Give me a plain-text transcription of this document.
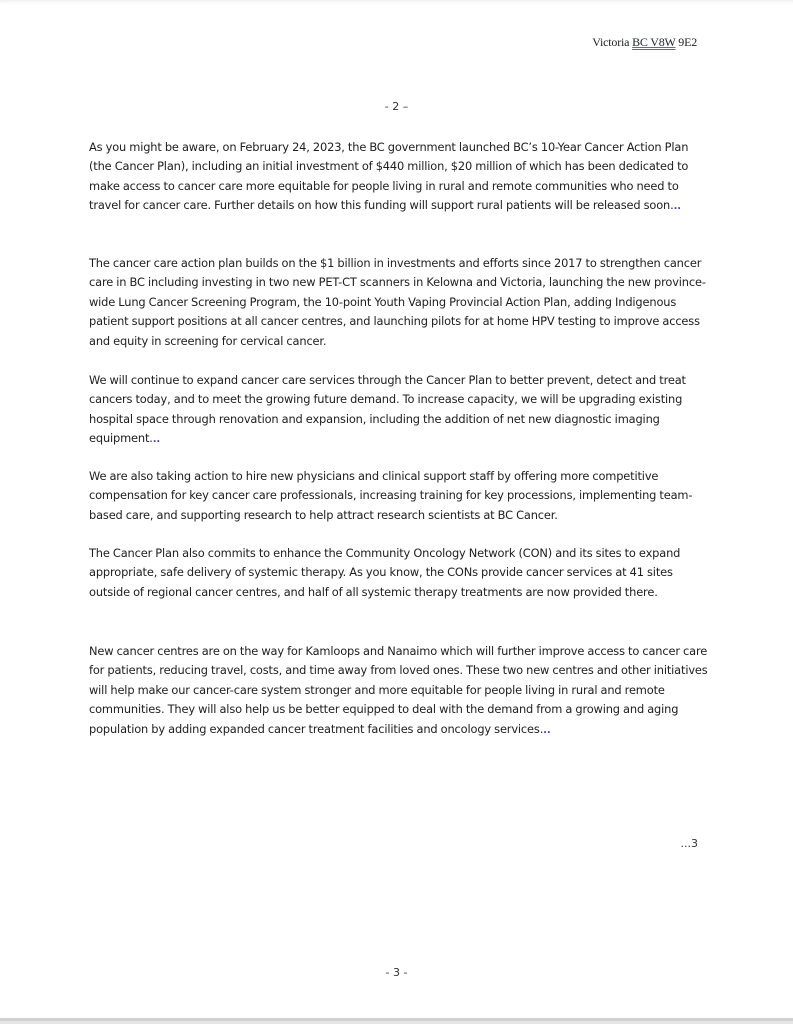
Victoria BC V8W 9E2
- 2 –
As you might be aware, on February 24, 2023, the BC government launched BC’s 10-Year Cancer Action Plan (the Cancer Plan), including an initial investment of $440 million, $20 million of which has been dedicated to make access to cancer care more equitable for people living in rural and remote communities who need to travel for cancer care. Further details on how this funding will support rural patients will be released soon...
The cancer care action plan builds on the $1 billion in investments and efforts since 2017 to strengthen cancer care in BC including investing in two new PET-CT scanners in Kelowna and Victoria, launching the new province-wide Lung Cancer Screening Program, the 10-point Youth Vaping Provincial Action Plan, adding Indigenous patient support positions at all cancer centres, and launching pilots for at home HPV testing to improve access and equity in screening for cervical cancer.
We will continue to expand cancer care services through the Cancer Plan to better prevent, detect and treat cancers today, and to meet the growing future demand. To increase capacity, we will be upgrading existing hospital space through renovation and expansion, including the addition of net new diagnostic imaging equipment...
We are also taking action to hire new physicians and clinical support staff by offering more competitive compensation for key cancer care professionals, increasing training for key processions, implementing team-based care, and supporting research to help attract research scientists at BC Cancer.
The Cancer Plan also commits to enhance the Community Oncology Network (CON) and its sites to expand appropriate, safe delivery of systemic therapy. As you know, the CONs provide cancer services at 41 sites outside of regional cancer centres, and half of all systemic therapy treatments are now provided there.
New cancer centres are on the way for Kamloops and Nanaimo which will further improve access to cancer care for patients, reducing travel, costs, and time away from loved ones. These two new centres and other initiatives will help make our cancer-care system stronger and more equitable for people living in rural and remote communities. They will also help us be better equipped to deal with the demand from a growing and aging population by adding expanded cancer treatment facilities and oncology services...
...3
- 3 -
